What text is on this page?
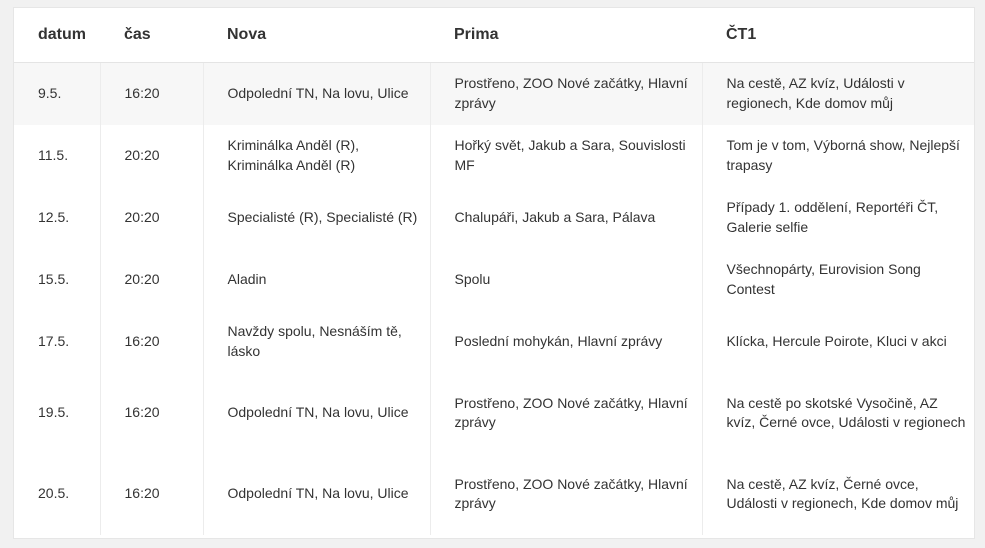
datum	čas	Nova	Prima	ČT1
9.5.	16:20	Odpolední TN, Na lovu, Ulice	Prostřeno, ZOO Nové začátky, Hlavní zprávy	Na cestě, AZ kvíz, Události v regionech, Kde domov můj
11.5.	20:20	Kriminálka Anděl (R), Kriminálka Anděl (R)	Hořký svět, Jakub a Sara, Souvislosti MF	Tom je v tom, Výborná show, Nejlepší trapasy
12.5.	20:20	Specialisté (R), Specialisté (R)	Chalupáři, Jakub a Sara, Pálava	Případy 1. oddělení, Reportéři ČT, Galerie selfie
15.5.	20:20	Aladin	Spolu	Všechnopárty, Eurovision Song Contest
17.5.	16:20	Navždy spolu, Nesnáším tě, lásko	Poslední mohykán, Hlavní zprávy	Klícka, Hercule Poirote, Kluci v akci
19.5.	16:20	Odpolední TN, Na lovu, Ulice	Prostřeno, ZOO Nové začátky, Hlavní zprávy	Na cestě po skotské Vysočině, AZ kvíz, Černé ovce, Události v regionech
20.5.	16:20	Odpolední TN, Na lovu, Ulice	Prostřeno, ZOO Nové začátky, Hlavní zprávy	Na cestě, AZ kvíz, Černé ovce, Události v regionech, Kde domov můj
